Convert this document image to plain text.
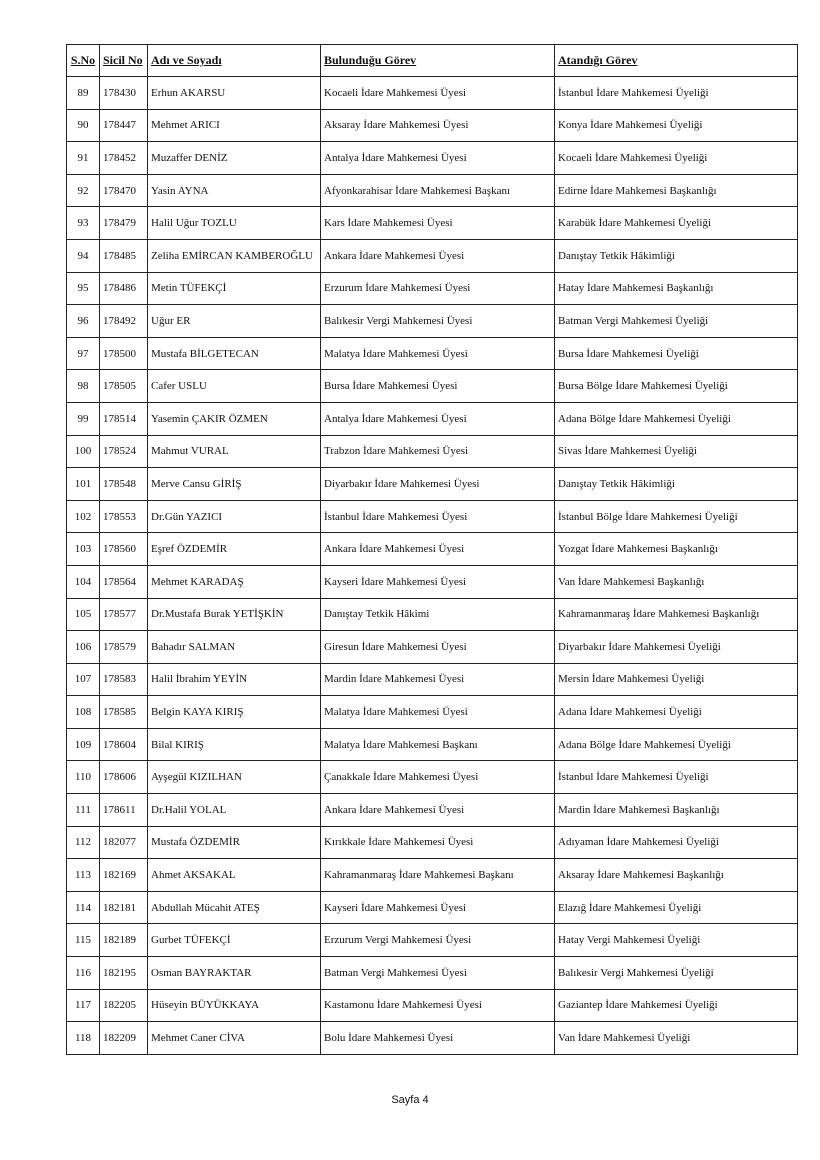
S.No	Sicil No	Adı ve Soyadı	Bulunduğu Görev	Atandığı Görev
89	178430	Erhun AKARSU	Kocaeli İdare Mahkemesi Üyesi	İstanbul İdare Mahkemesi Üyeliği
90	178447	Mehmet ARICI	Aksaray İdare Mahkemesi Üyesi	Konya İdare Mahkemesi Üyeliği
91	178452	Muzaffer DENİZ	Antalya İdare Mahkemesi Üyesi	Kocaeli İdare Mahkemesi Üyeliği
92	178470	Yasin AYNA	Afyonkarahisar İdare Mahkemesi Başkanı	Edirne İdare Mahkemesi Başkanlığı
93	178479	Halil Uğur TOZLU	Kars İdare Mahkemesi Üyesi	Karabük İdare Mahkemesi Üyeliği
94	178485	Zeliha EMİRCAN KAMBEROĞLU	Ankara İdare Mahkemesi Üyesi	Danıştay Tetkik Hâkimliği
95	178486	Metin TÜFEKÇİ	Erzurum İdare Mahkemesi Üyesi	Hatay İdare Mahkemesi Başkanlığı
96	178492	Uğur ER	Balıkesir Vergi Mahkemesi Üyesi	Batman Vergi Mahkemesi Üyeliği
97	178500	Mustafa BİLGETECAN	Malatya İdare Mahkemesi Üyesi	Bursa İdare Mahkemesi Üyeliği
98	178505	Cafer USLU	Bursa İdare Mahkemesi Üyesi	Bursa Bölge İdare Mahkemesi Üyeliği
99	178514	Yasemin ÇAKIR ÖZMEN	Antalya İdare Mahkemesi Üyesi	Adana Bölge İdare Mahkemesi Üyeliği
100	178524	Mahmut VURAL	Trabzon İdare Mahkemesi Üyesi	Sivas İdare Mahkemesi Üyeliği
101	178548	Merve Cansu GİRİŞ	Diyarbakır İdare Mahkemesi Üyesi	Danıştay Tetkik Hâkimliği
102	178553	Dr.Gün YAZICI	İstanbul İdare Mahkemesi Üyesi	İstanbul Bölge İdare Mahkemesi Üyeliği
103	178560	Eşref ÖZDEMİR	Ankara İdare Mahkemesi Üyesi	Yozgat İdare Mahkemesi Başkanlığı
104	178564	Mehmet KARADAŞ	Kayseri İdare Mahkemesi Üyesi	Van İdare Mahkemesi Başkanlığı
105	178577	Dr.Mustafa Burak YETİŞKİN	Danıştay Tetkik Hâkimi	Kahramanmaraş İdare Mahkemesi Başkanlığı
106	178579	Bahadır SALMAN	Giresun İdare Mahkemesi Üyesi	Diyarbakır İdare Mahkemesi Üyeliği
107	178583	Halil İbrahim YEYİN	Mardin İdare Mahkemesi Üyesi	Mersin İdare Mahkemesi Üyeliği
108	178585	Belgin KAYA KIRIŞ	Malatya İdare Mahkemesi Üyesi	Adana İdare Mahkemesi Üyeliği
109	178604	Bilal KIRIŞ	Malatya İdare Mahkemesi Başkanı	Adana Bölge İdare Mahkemesi Üyeliği
110	178606	Ayşegül KIZILHAN	Çanakkale İdare Mahkemesi Üyesi	İstanbul İdare Mahkemesi Üyeliği
111	178611	Dr.Halil YOLAL	Ankara İdare Mahkemesi Üyesi	Mardin İdare Mahkemesi Başkanlığı
112	182077	Mustafa ÖZDEMİR	Kırıkkale İdare Mahkemesi Üyesi	Adıyaman İdare Mahkemesi Üyeliği
113	182169	Ahmet AKSAKAL	Kahramanmaraş İdare Mahkemesi Başkanı	Aksaray İdare Mahkemesi Başkanlığı
114	182181	Abdullah Mücahit ATEŞ	Kayseri İdare Mahkemesi Üyesi	Elazığ İdare Mahkemesi Üyeliği
115	182189	Gurbet TÜFEKÇİ	Erzurum Vergi Mahkemesi Üyesi	Hatay Vergi Mahkemesi Üyeliği
116	182195	Osman BAYRAKTAR	Batman Vergi Mahkemesi Üyesi	Balıkesir Vergi Mahkemesi Üyeliği
117	182205	Hüseyin BÜYÜKKAYA	Kastamonu İdare Mahkemesi Üyesi	Gaziantep İdare Mahkemesi Üyeliği
118	182209	Mehmet Caner CİVA	Bolu İdare Mahkemesi Üyesi	Van İdare Mahkemesi Üyeliği
Sayfa 4
